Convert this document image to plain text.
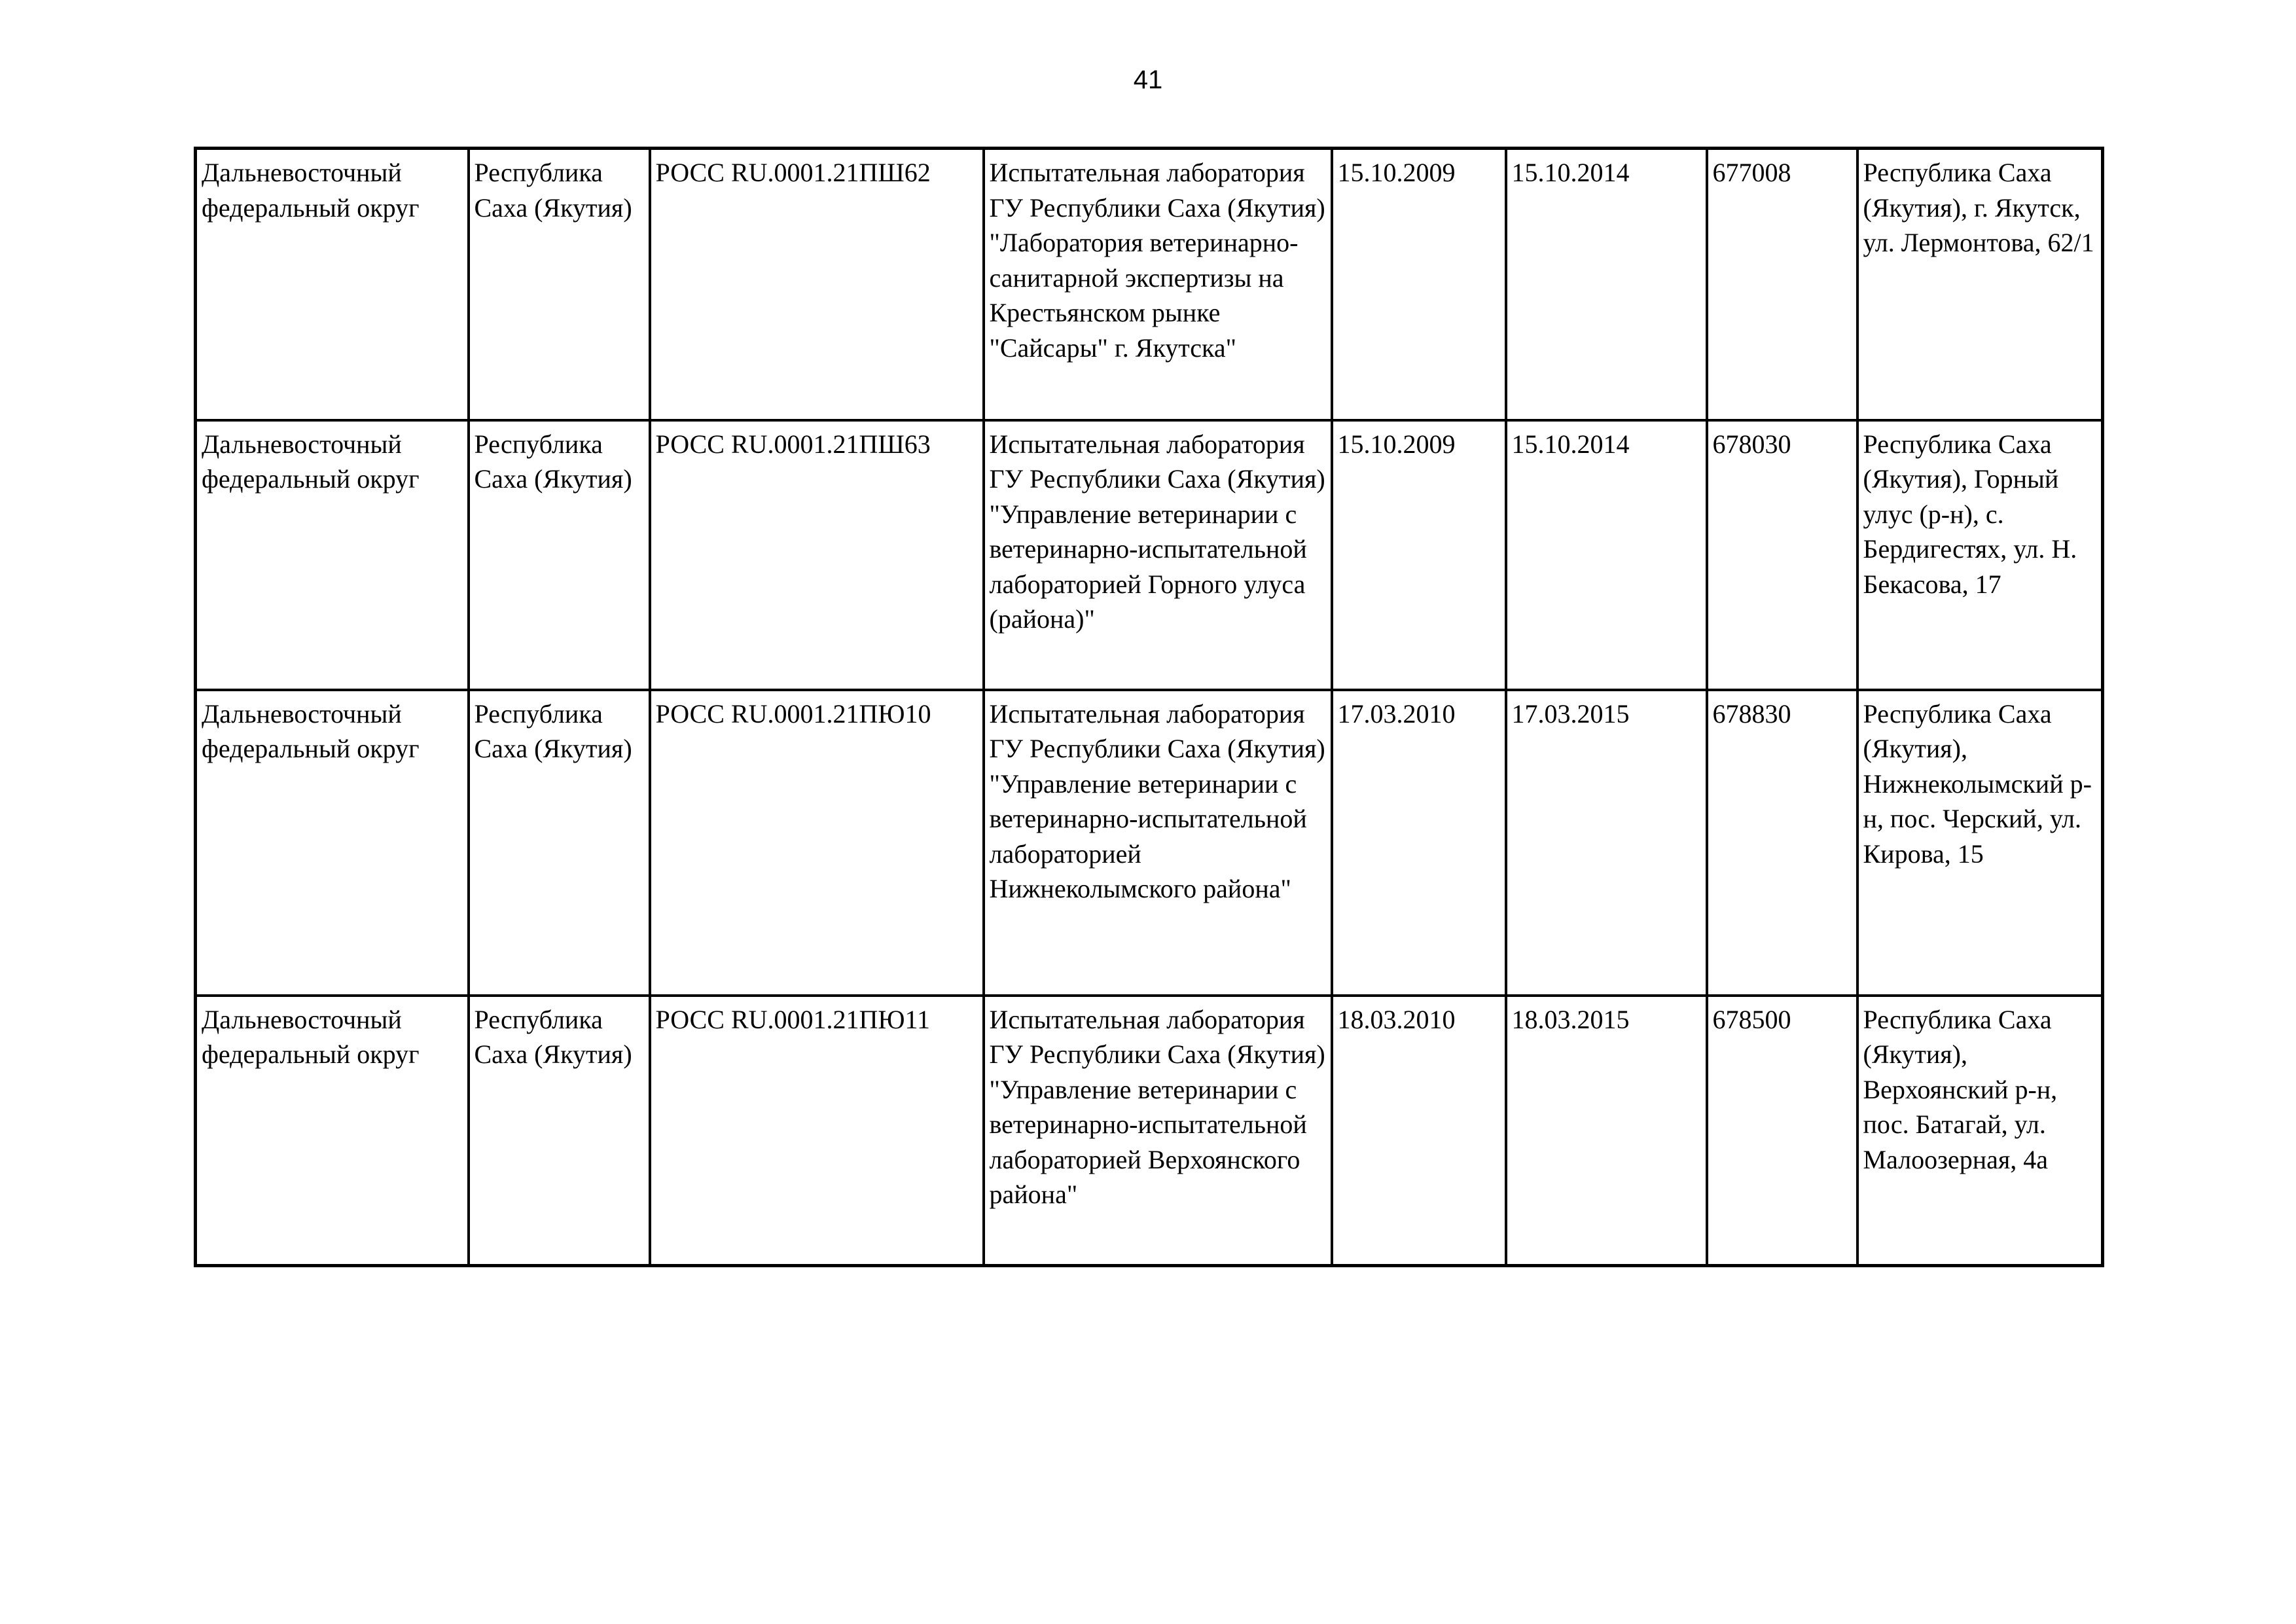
41
Дальневосточный федеральный округ	Республика Саха (Якутия)	РОСС RU.0001.21ПШ62	Испытательная лаборатория ГУ Республики Саха (Якутия) "Лаборатория ветеринарно-санитарной экспертизы на Крестьянском рынке "Сайсары" г. Якутска"	15.10.2009	15.10.2014	677008	Республика Саха (Якутия), г. Якутск, ул. Лермонтова, 62/1
Дальневосточный федеральный округ	Республика Саха (Якутия)	РОСС RU.0001.21ПШ63	Испытательная лаборатория ГУ Республики Саха (Якутия) "Управление ветеринарии с ветеринарно-испытательной лабораторией Горного улуса (района)"	15.10.2009	15.10.2014	678030	Республика Саха (Якутия), Горный улус (р-н), с. Бердигестях, ул. Н. Бекасова, 17
Дальневосточный федеральный округ	Республика Саха (Якутия)	РОСС RU.0001.21ПЮ10	Испытательная лаборатория ГУ Республики Саха (Якутия) "Управление ветеринарии с ветеринарно-испытательной лабораторией Нижнеколымского района"	17.03.2010	17.03.2015	678830	Республика Саха (Якутия), Нижнеколымский р-н, пос. Черский, ул. Кирова, 15
Дальневосточный федеральный округ	Республика Саха (Якутия)	РОСС RU.0001.21ПЮ11	Испытательная лаборатория ГУ Республики Саха (Якутия) "Управление ветеринарии с ветеринарно-испытательной лабораторией Верхоянского района"	18.03.2010	18.03.2015	678500	Республика Саха (Якутия), Верхоянский р-н, пос. Батагай, ул. Малоозерная, 4а
